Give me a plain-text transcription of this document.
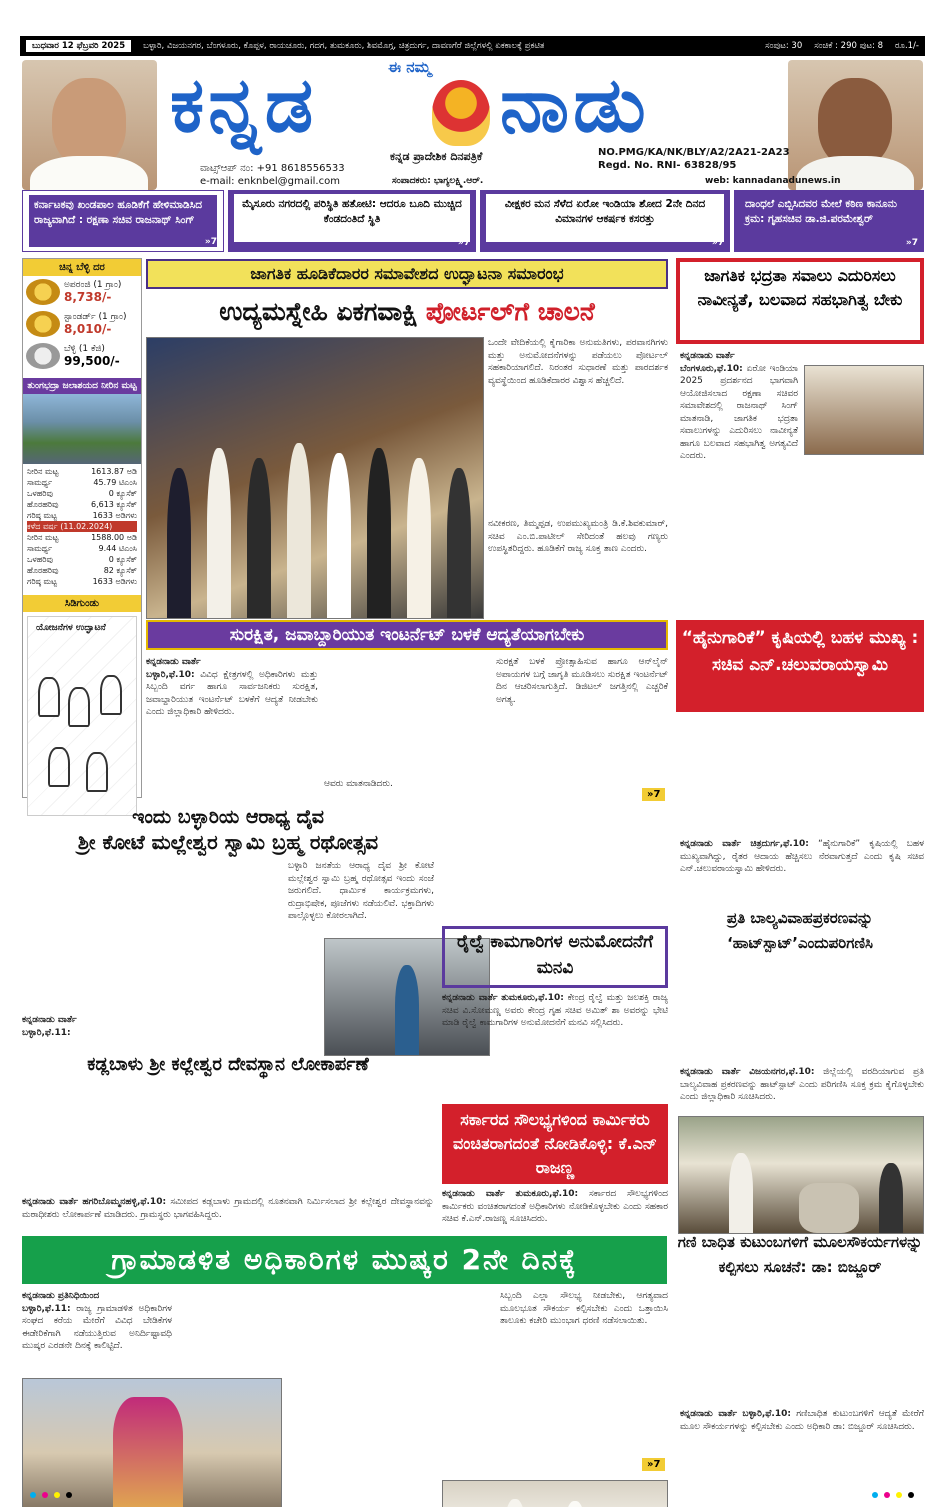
ಬುಧವಾರ 12 ಫೆಬ್ರವರಿ 2025	ಬಳ್ಳಾರಿ, ವಿಜಯನಗರ, ಬೆಂಗಳೂರು, ಕೊಪ್ಪಳ, ರಾಯಚೂರು, ಗದಗ, ತುಮಕೂರು, ಶಿವಮೊಗ್ಗ, ಚಿತ್ರದುರ್ಗ, ದಾವಣಗೆರೆ ಜಿಲ್ಲೆಗಳಲ್ಲಿ ಏಕಕಾಲಕ್ಕೆ ಪ್ರಕಟಿತ	ಸಂಪುಟ: 30 ಸಂಚಿಕೆ : 290 ಪುಟ: 8 ರೂ.1/-
ಕನ್ನಡ	ಈ ನಮ್ಮ ನಾಡು
ಕನ್ನಡ ಪ್ರಾದೇಶಿಕ ದಿನಪತ್ರಿಕೆ
ವಾಟ್ಸ್ಆಪ್ ನಂ: +91 8618556533
e-mail: enknbel@gmail.com	ಸಂಪಾದಕರು: ಭಾಗ್ಯಲಕ್ಷ್ಮಿ.ಆರ್.
NO.PMG/KA/NK/BLY/A2/2A21-2A23
Regd. No. RNI- 63828/95
web: kannadanadunews.in
ಕರ್ನಾಟಕವು ಖಂಡಪಾಲ ಹೂಡಿಕೆಗೆ ಹೇಳಿಮಾಡಿಸಿದ ರಾಜ್ಯವಾಗಿದೆ : ರಕ್ಷಣಾ ಸಚಿವ ರಾಜನಾಥ್ ಸಿಂಗ್
»7
ಮೈಸೂರು ನಗರದಲ್ಲಿ ಪರಿಸ್ಥಿತಿ ಹತೋಟಿ: ಆದರೂ ಬೂದಿ ಮುಚ್ಚಿದ ಕೆಂಡದಂತಿದೆ ಸ್ಥಿತಿ
»7
ವೀಕ್ಷಕರ ಮನ ಸೆಳೆದ ಏರೋ ಇಂಡಿಯಾ ಶೋದ 2ನೇ ದಿನದ ವಿಮಾನಗಳ ಆಕರ್ಷಕ ಕಸರತ್ತು
»7
ದಾಂಧಲೆ ಎಬ್ಬಿಸಿದವರ ಮೇಲೆ ಕಠಿಣ ಕಾನೂನು ಕ್ರಮ: ಗೃಹಸಚಿವ ಡಾ.ಜಿ.ಪರಮೇಶ್ವರ್
»7
ಚಿನ್ನ ಬೆಳ್ಳಿ ದರ
ಅಪರಂಜಿ (1 ಗ್ರಾಂ)
8,738/-
ಸ್ಟಾಂಡರ್ಡ್ (1 ಗ್ರಾಂ)
8,010/-
ಬೆಳ್ಳಿ (1 ಕೆಜಿ)
99,500/-
ತುಂಗಭದ್ರಾ ಜಲಾಶಯದ ನೀರಿನ ಮಟ್ಟ
ನೀರಿನ ಮಟ್ಟ	1613.87 ಅಡಿ
ಸಾಮರ್ಥ್ಯ	45.79 ಟಿಎಂಸಿ
ಒಳಹರಿವು	0 ಕ್ಯೂಸೆಕ್
ಹೊರಹರಿವು	6,613 ಕ್ಯೂಸೆಕ್
ಗರಿಷ್ಠ ಮಟ್ಟ	1633 ಅಡಿಗಳು
ಕಳೆದ ವರ್ಷ (11.02.2024)
ನೀರಿನ ಮಟ್ಟ	1588.00 ಅಡಿ
ಸಾಮರ್ಥ್ಯ	9.44 ಟಿಎಂಸಿ
ಒಳಹರಿವು	0 ಕ್ಯೂಸೆಕ್
ಹೊರಹರಿವು	82 ಕ್ಯೂಸೆಕ್
ಗರಿಷ್ಠ ಮಟ್ಟ	1633 ಅಡಿಗಳು
ಸಿಡಿಗುಂಡು
ಯೋಜನೆಗಳ ಉದ್ಘಾಟನೆ
ಜಾಗತಿಕ ಹೂಡಿಕೆದಾರರ ಸಮಾವೇಶದ ಉದ್ಘಾಟನಾ ಸಮಾರಂಭ
ಉದ್ಯಮಸ್ನೇಹಿ ಏಕಗವಾಕ್ಷಿ ಪೋರ್ಟಲ್‌ಗೆ ಚಾಲನೆ
ಒಂದೇ ವೇದಿಕೆಯಲ್ಲಿ ಕೈಗಾರಿಕಾ ಅನುಮತಿಗಳು, ಪರವಾನಗಿಗಳು ಮತ್ತು ಅನುಮೋದನೆಗಳನ್ನು ಪಡೆಯಲು ಪೋರ್ಟಲ್ ಸಹಕಾರಿಯಾಗಲಿದೆ. ನಿರಂತರ ಸುಧಾರಣೆ ಮತ್ತು ಪಾರದರ್ಶಕ ವ್ಯವಸ್ಥೆಯಿಂದ ಹೂಡಿಕೆದಾರರ ವಿಶ್ವಾಸ ಹೆಚ್ಚಲಿದೆ.
ನವೀಕರಣ, ತಿಮ್ಮಪ್ಪಡ, ಉಪಮುಖ್ಯಮಂತ್ರಿ ಡಿ.ಕೆ.ಶಿವಕುಮಾರ್, ಸಚಿವ ಎಂ.ಬಿ.ಪಾಟೀಲ್ ಸೇರಿದಂತೆ ಹಲವು ಗಣ್ಯರು ಉಪಸ್ಥಿತರಿದ್ದರು. ಹೂಡಿಕೆಗೆ ರಾಜ್ಯ ಸೂಕ್ತ ತಾಣ ಎಂದರು.
ಜಾಗತಿಕ ಭದ್ರತಾ ಸವಾಲು ಎದುರಿಸಲು ನಾವೀನ್ಯತೆ, ಬಲವಾದ ಸಹಭಾಗಿತ್ವ ಬೇಕು
ಕನ್ನಡನಾಡು ವಾರ್ತೆ
ಬೆಂಗಳೂರು,ಫೆ.10: ಏರೋ ಇಂಡಿಯಾ 2025 ಪ್ರದರ್ಶನದ ಭಾಗವಾಗಿ ಆಯೋಜಿಸಲಾದ ರಕ್ಷಣಾ ಸಚಿವರ ಸಮಾವೇಶದಲ್ಲಿ ರಾಜನಾಥ್ ಸಿಂಗ್ ಮಾತನಾಡಿ, ಜಾಗತಿಕ ಭದ್ರತಾ ಸವಾಲುಗಳನ್ನು ಎದುರಿಸಲು ನಾವೀನ್ಯತೆ ಹಾಗೂ ಬಲವಾದ ಸಹಭಾಗಿತ್ವ ಅಗತ್ಯವಿದೆ ಎಂದರು.
ಸುರಕ್ಷಿತ, ಜವಾಬ್ದಾರಿಯುತ ಇಂಟರ್ನೆಟ್ ಬಳಕೆ ಆದ್ಯತೆಯಾಗಬೇಕು
ಕನ್ನಡನಾಡು ವಾರ್ತೆ
ಬಳ್ಳಾರಿ,ಫೆ.10: ವಿವಿಧ ಕ್ಷೇತ್ರಗಳಲ್ಲಿ ಅಧಿಕಾರಿಗಳು ಮತ್ತು ಸಿಬ್ಬಂದಿ ವರ್ಗ ಹಾಗೂ ಸಾರ್ವಜನಿಕರು ಸುರಕ್ಷಿತ, ಜವಾಬ್ದಾರಿಯುತ ಇಂಟರ್ನೆಟ್ ಬಳಕೆಗೆ ಆದ್ಯತೆ ನೀಡಬೇಕು ಎಂದು ಜಿಲ್ಲಾಧಿಕಾರಿ ಹೇಳಿದರು.
ಆವರು ಮಾತನಾಡಿದರು.
ಸುರಕ್ಷತೆ ಬಳಕೆ ಪ್ರೋತ್ಸಾಹಿಸುವ ಹಾಗೂ ಆನ್‌ಲೈನ್ ಅಪಾಯಗಳ ಬಗ್ಗೆ ಜಾಗೃತಿ ಮೂಡಿಸಲು ಸುರಕ್ಷಿತ ಇಂಟರ್ನೆಟ್ ದಿನ ಆಚರಿಸಲಾಗುತ್ತಿದೆ. ಡಿಜಿಟಲ್ ಜಗತ್ತಿನಲ್ಲಿ ಎಚ್ಚರಿಕೆ ಅಗತ್ಯ.
»7
“ಹೈನುಗಾರಿಕೆ” ಕೃಷಿಯಲ್ಲಿ ಬಹಳ ಮುಖ್ಯ : ಸಚಿವ ಎನ್.ಚಲುವರಾಯಸ್ವಾಮಿ
ಕನ್ನಡನಾಡು ವಾರ್ತೆ ಚಿತ್ರದುರ್ಗ,ಫೆ.10: “ಹೈನುಗಾರಿಕೆ” ಕೃಷಿಯಲ್ಲಿ ಬಹಳ ಮುಖ್ಯವಾಗಿದ್ದು, ರೈತರ ಆದಾಯ ಹೆಚ್ಚಿಸಲು ನೆರವಾಗುತ್ತದೆ ಎಂದು ಕೃಷಿ ಸಚಿವ ಎನ್.ಚಲುವರಾಯಸ್ವಾಮಿ ಹೇಳಿದರು.
ಇಂದು ಬಳ್ಳಾರಿಯ ಆರಾಧ್ಯ ದೈವ
ಶ್ರೀ ಕೋಟೆ ಮಲ್ಲೇಶ್ವರ ಸ್ವಾಮಿ ಬ್ರಹ್ಮ ರಥೋತ್ಸವ
ಬಳ್ಳಾರಿ ಜನತೆಯ ಆರಾಧ್ಯ ದೈವ ಶ್ರೀ ಕೋಟೆ ಮಲ್ಲೇಶ್ವರ ಸ್ವಾಮಿ ಬ್ರಹ್ಮ ರಥೋತ್ಸವ ಇಂದು ಸಂಜೆ ಜರುಗಲಿದೆ. ಧಾರ್ಮಿಕ ಕಾರ್ಯಕ್ರಮಗಳು, ರುದ್ರಾಭಿಷೇಕ, ಪೂಜೆಗಳು ನಡೆಯಲಿವೆ. ಭಕ್ತಾದಿಗಳು ಪಾಲ್ಗೊಳ್ಳಲು ಕೋರಲಾಗಿದೆ.
ಕನ್ನಡನಾಡು ವಾರ್ತೆ
ಬಳ್ಳಾರಿ,ಫೆ.11:
ರೈಲ್ವೆ ಕಾಮಗಾರಿಗಳ ಅನುಮೋದನೆಗೆ ಮನವಿ
ಕನ್ನಡನಾಡು ವಾರ್ತೆ ತುಮಕೂರು,ಫೆ.10: ಕೇಂದ್ರ ರೈಲ್ವೆ ಮತ್ತು ಜಲಶಕ್ತಿ ರಾಜ್ಯ ಸಚಿವ ವಿ.ಸೋಮಣ್ಣ ಅವರು ಕೇಂದ್ರ ಗೃಹ ಸಚಿವ ಅಮಿತ್ ಶಾ ಅವರನ್ನು ಭೇಟಿ ಮಾಡಿ ರೈಲ್ವೆ ಕಾಮಗಾರಿಗಳ ಅನುಮೋದನೆಗೆ ಮನವಿ ಸಲ್ಲಿಸಿದರು.
ಪ್ರತಿ ಬಾಲ್ಯವಿವಾಹಪ್ರಕರಣವನ್ನು ‘ಹಾಟ್‌ಸ್ಪಾಟ್’ಎಂದುಪರಿಗಣಿಸಿ
ಕನ್ನಡನಾಡು ವಾರ್ತೆ ವಿಜಯನಗರ,ಫೆ.10: ಜಿಲ್ಲೆಯಲ್ಲಿ ವರದಿಯಾಗುವ ಪ್ರತಿ ಬಾಲ್ಯವಿವಾಹ ಪ್ರಕರಣವನ್ನು ಹಾಟ್‌ಸ್ಪಾಟ್ ಎಂದು ಪರಿಗಣಿಸಿ ಸೂಕ್ತ ಕ್ರಮ ಕೈಗೊಳ್ಳಬೇಕು ಎಂದು ಜಿಲ್ಲಾಧಿಕಾರಿ ಸೂಚಿಸಿದರು.
ಕಡ್ಲಬಾಳು ಶ್ರೀ ಕಲ್ಲೇಶ್ವರ ದೇವಸ್ಥಾನ ಲೋಕಾರ್ಪಣೆ
ಕನ್ನಡನಾಡು ವಾರ್ತೆ ಹಗರಿಬೊಮ್ಮನಹಳ್ಳಿ,ಫೆ.10: ಸಮೀಪದ ಕಡ್ಲಬಾಳು ಗ್ರಾಮದಲ್ಲಿ ನೂತನವಾಗಿ ನಿರ್ಮಿಸಲಾದ ಶ್ರೀ ಕಲ್ಲೇಶ್ವರ ದೇವಸ್ಥಾನವನ್ನು ಮಠಾಧೀಶರು ಲೋಕಾರ್ಪಣೆ ಮಾಡಿದರು. ಗ್ರಾಮಸ್ಥರು ಭಾಗವಹಿಸಿದ್ದರು.
ಸರ್ಕಾರದ ಸೌಲಭ್ಯಗಳಿಂದ ಕಾರ್ಮಿಕರು ವಂಚಿತರಾಗದಂತೆ ನೋಡಿಕೊಳ್ಳಿ: ಕೆ.ಎನ್ ರಾಜಣ್ಣ
ಕನ್ನಡನಾಡು ವಾರ್ತೆ ತುಮಕೂರು,ಫೆ.10: ಸರ್ಕಾರದ ಸೌಲಭ್ಯಗಳಿಂದ ಕಾರ್ಮಿಕರು ವಂಚಿತರಾಗದಂತೆ ಅಧಿಕಾರಿಗಳು ನೋಡಿಕೊಳ್ಳಬೇಕು ಎಂದು ಸಹಕಾರ ಸಚಿವ ಕೆ.ಎನ್.ರಾಜಣ್ಣ ಸೂಚಿಸಿದರು.
ಗಣಿ ಬಾಧಿತ ಕುಟುಂಬಗಳಿಗೆ ಮೂಲಸೌಕರ್ಯಗಳನ್ನು ಕಲ್ಪಿಸಲು ಸೂಚನೆ: ಡಾ: ಬಿಜ್ಜೂರ್
ಕನ್ನಡನಾಡು ವಾರ್ತೆ ಬಳ್ಳಾರಿ,ಫೆ.10: ಗಣಿಬಾಧಿತ ಕುಟುಂಬಗಳಿಗೆ ಆದ್ಯತೆ ಮೇರೆಗೆ ಮೂಲ ಸೌಕರ್ಯಗಳನ್ನು ಕಲ್ಪಿಸಬೇಕು ಎಂದು ಅಧಿಕಾರಿ ಡಾ: ಬಿಜ್ಜೂರ್ ಸೂಚಿಸಿದರು.
ಗ್ರಾಮಾಡಳಿತ ಅಧಿಕಾರಿಗಳ ಮುಷ್ಕರ 2ನೇ ದಿನಕ್ಕೆ
ಕನ್ನಡನಾಡು ಪ್ರತಿನಿಧಿಯಿಂದ
ಬಳ್ಳಾರಿ,ಫೆ.11: ರಾಜ್ಯ ಗ್ರಾಮಾಡಳಿತ ಅಧಿಕಾರಿಗಳ ಸಂಘದ ಕರೆಯ ಮೇರೆಗೆ ವಿವಿಧ ಬೇಡಿಕೆಗಳ ಈಡೇರಿಕೆಗಾಗಿ ನಡೆಯುತ್ತಿರುವ ಅನಿರ್ದಿಷ್ಟಾವಧಿ ಮುಷ್ಕರ ಎರಡನೇ ದಿನಕ್ಕೆ ಕಾಲಿಟ್ಟಿದೆ.
ಸಿಬ್ಬಂದಿ ಎಲ್ಲಾ ಸೌಲಭ್ಯ ನೀಡಬೇಕು, ಆಗತ್ಯವಾದ ಮೂಲಭೂತ ಸೌಕರ್ಯ ಕಲ್ಪಿಸಬೇಕು ಎಂದು ಒತ್ತಾಯಿಸಿ ತಾಲೂಕು ಕಚೇರಿ ಮುಂಭಾಗ ಧರಣಿ ನಡೆಸಲಾಯಿತು.
»7
